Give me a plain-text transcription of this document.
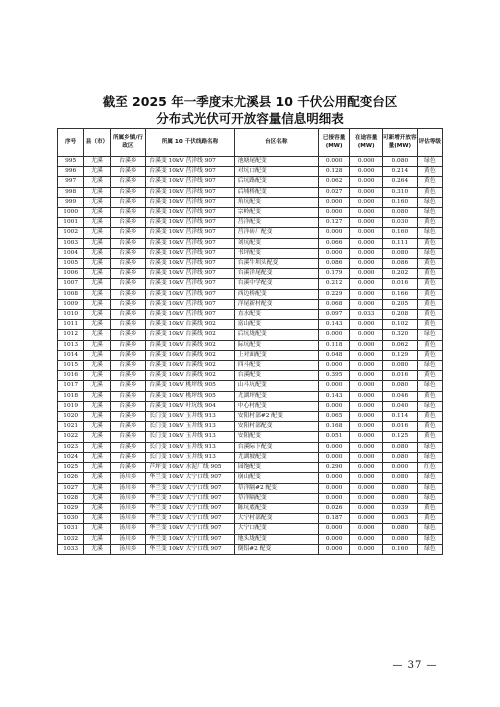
截至 2025 年一季度末尤溪县 10 千伏公用配变台区
分布式光伏可开放容量信息明细表
序号	县（市）	所属乡镇/行政区	所属 10 千伏线路名称	台区名称	已接容量(MW)	在途容量(MW)	可新增开放容量(MW)	评估等级
995	尤溪	台溪乡	台溪变 10kV 莒洋线 907	池塘尾配变	0.000	0.000	0.080	绿色
996	尤溪	台溪乡	台溪变 10kV 莒洋线 907	对坑口配变	0.128	0.000	0.214	黄色
997	尤溪	台溪乡	台溪变 10kV 莒洋线 907	后坑路配变	0.062	0.000	0.264	黄色
998	尤溪	台溪乡	台溪变 10kV 莒洋线 907	后埔桥配变	0.027	0.000	0.310	黄色
999	尤溪	台溪乡	台溪变 10kV 莒洋线 907	角坑配变	0.000	0.000	0.160	绿色
1000	尤溪	台溪乡	台溪变 10kV 莒洋线 907	宗岭配变	0.000	0.000	0.080	绿色
1001	尤溪	台溪乡	台溪变 10kV 莒洋线 907	莒洋配变	0.127	0.000	0.030	黄色
1002	尤溪	台溪乡	台溪变 10kV 莒洋线 907	莒洋砖厂配变	0.000	0.000	0.160	绿色
1003	尤溪	台溪乡	台溪变 10kV 莒洋线 907	刘坑配变	0.066	0.000	0.111	黄色
1004	尤溪	台溪乡	台溪变 10kV 莒洋线 907	书坪配变	0.000	0.000	0.080	绿色
1005	尤溪	台溪乡	台溪变 10kV 莒洋线 907	台溪牛圳头配变	0.086	0.000	0.086	黄色
1006	尤溪	台溪乡	台溪变 10kV 莒洋线 907	台溪洋尾配变	0.179	0.000	0.202	黄色
1007	尤溪	台溪乡	台溪变 10kV 莒洋线 907	台溪中学配变	0.212	0.000	0.016	黄色
1008	尤溪	台溪乡	台溪变 10kV 莒洋线 907	西边桥配变	0.229	0.000	0.166	黄色
1009	尤溪	台溪乡	台溪变 10kV 莒洋线 907	洋尾新村配变	0.068	0.000	0.205	黄色
1010	尤溪	台溪乡	台溪变 10kV 莒洋线 907	直水配变	0.097	0.033	0.208	黄色
1011	尤溪	台溪乡	台溪变 10kV 台溪线 902	富山配变	0.143	0.000	0.102	黄色
1012	尤溪	台溪乡	台溪变 10kV 台溪线 902	后坑垅配变	0.000	0.000	0.320	绿色
1013	尤溪	台溪乡	台溪变 10kV 台溪线 902	际坑配变	0.118	0.000	0.062	黄色
1014	尤溪	台溪乡	台溪变 10kV 台溪线 902	上对面配变	0.048	0.000	0.129	黄色
1015	尤溪	台溪乡	台溪变 10kV 台溪线 902	四斗配变	0.000	0.000	0.080	绿色
1016	尤溪	台溪乡	台溪变 10kV 台溪线 902	台溪配变	0.395	0.000	0.016	黄色
1017	尤溪	台溪乡	台溪变 10kV 桃坪线 905	山斗坑配变	0.000	0.000	0.080	绿色
1018	尤溪	台溪乡	台溪变 10kV 桃坪线 905	尤湖坪配变	0.143	0.000	0.046	黄色
1019	尤溪	台溪乡	台溪变 10kV 叶坑线 904	中心村配变	0.000	0.000	0.040	绿色
1020	尤溪	台溪乡	长门变 10kV 玉井线 913	安阳村部#2 配变	0.065	0.000	0.114	黄色
1021	尤溪	台溪乡	长门变 10kV 玉井线 913	安阳村部配变	0.168	0.000	0.016	黄色
1022	尤溪	台溪乡	长门变 10kV 玉井线 913	安阳配变	0.051	0.000	0.125	黄色
1023	尤溪	台溪乡	长门变 10kV 玉井线 913	台溪际下配变	0.000	0.000	0.080	绿色
1024	尤溪	台溪乡	长门变 10kV 玉井线 913	尤湖坡配变	0.000	0.000	0.080	绿色
1025	尤溪	台溪乡	芦坪变 10kV 水泥厂线 905	园饱配变	0.290	0.000	0.000	红色
1026	尤溪	汤川乡	华兰变 10kV 大宁口线 907	崩山配变	0.000	0.000	0.080	绿色
1027	尤溪	汤川乡	华兰变 10kV 大宁口线 907	草洋隔#2 配变	0.000	0.000	0.080	绿色
1028	尤溪	汤川乡	华兰变 10kV 大宁口线 907	草洋隔配变	0.000	0.000	0.080	绿色
1029	尤溪	汤川乡	华兰变 10kV 大宁口线 907	陈坑底配变	0.026	0.000	0.039	黄色
1030	尤溪	汤川乡	华兰变 10kV 大宁口线 907	大宁村部配变	0.187	0.000	0.003	黄色
1031	尤溪	汤川乡	华兰变 10kV 大宁口线 907	大宁口配变	0.000	0.000	0.080	绿色
1032	尤溪	汤川乡	华兰变 10kV 大宁口线 907	地头垅配变	0.000	0.000	0.080	绿色
1033	尤溪	汤川乡	华兰变 10kV 大宁口线 907	倒铝#2 配变	0.000	0.000	0.160	绿色
— 37 —
